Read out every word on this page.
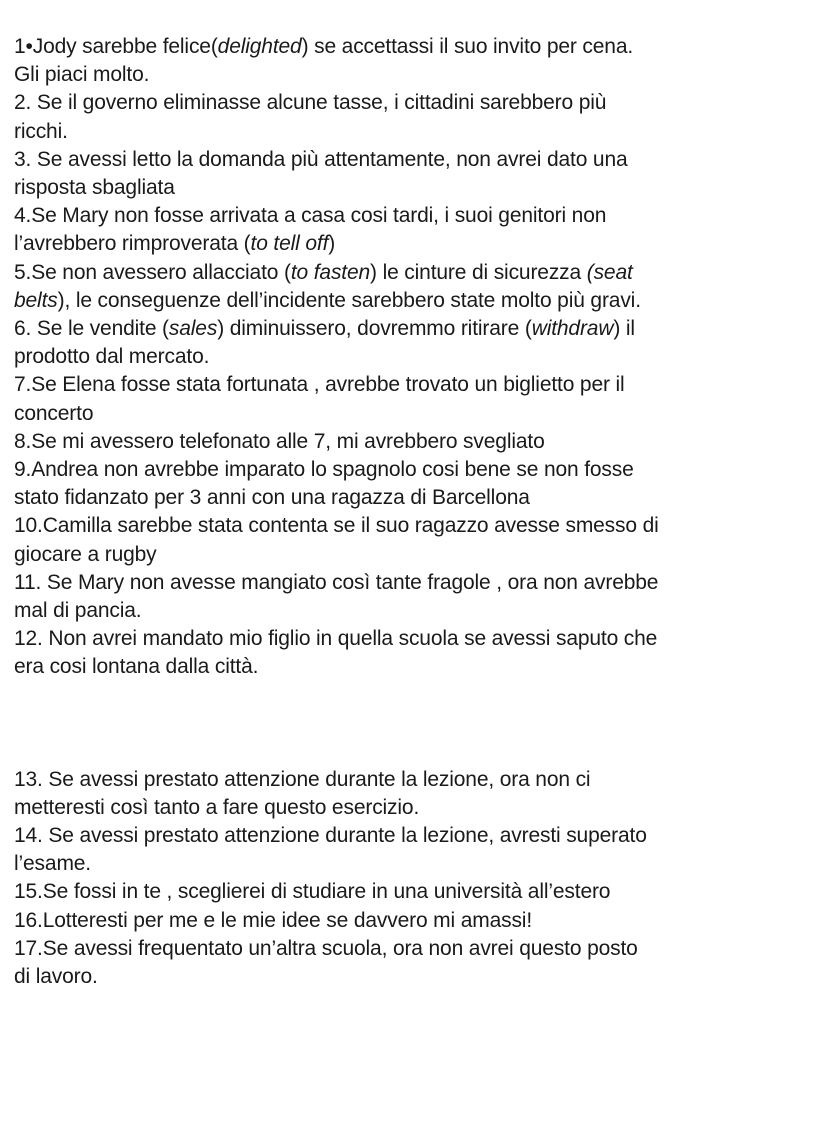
1•Jody sarebbe felice(delighted) se accettassi il suo invito per cena.
Gli piaci molto.
2. Se il governo eliminasse alcune tasse, i cittadini sarebbero più
ricchi.
3. Se avessi letto la domanda più attentamente, non avrei dato una
risposta sbagliata
4.Se Mary non fosse arrivata a casa cosi tardi, i suoi genitori non
l’avrebbero rimproverata (to tell off)
5.Se non avessero allacciato (to fasten) le cinture di sicurezza (seat
belts), le conseguenze dell’incidente sarebbero state molto più gravi.
6. Se le vendite (sales) diminuissero, dovremmo ritirare (withdraw) il
prodotto dal mercato.
7.Se Elena fosse stata fortunata , avrebbe trovato un biglietto per il
concerto
8.Se mi avessero telefonato alle 7, mi avrebbero svegliato
9.Andrea non avrebbe imparato lo spagnolo cosi bene se non fosse
stato fidanzato per 3 anni con una ragazza di Barcellona
10.Camilla sarebbe stata contenta se il suo ragazzo avesse smesso di
giocare a rugby
11. Se Mary non avesse mangiato così tante fragole , ora non avrebbe
mal di pancia.
12. Non avrei mandato mio figlio in quella scuola se avessi saputo che
era cosi lontana dalla città.
13. Se avessi prestato attenzione durante la lezione, ora non ci
metteresti così tanto a fare questo esercizio.
14. Se avessi prestato attenzione durante la lezione, avresti superato
l’esame.
15.Se fossi in te , sceglierei di studiare in una università all’estero
16.Lotteresti per me e le mie idee se davvero mi amassi!
17.Se avessi frequentato un’altra scuola, ora non avrei questo posto
di lavoro.
